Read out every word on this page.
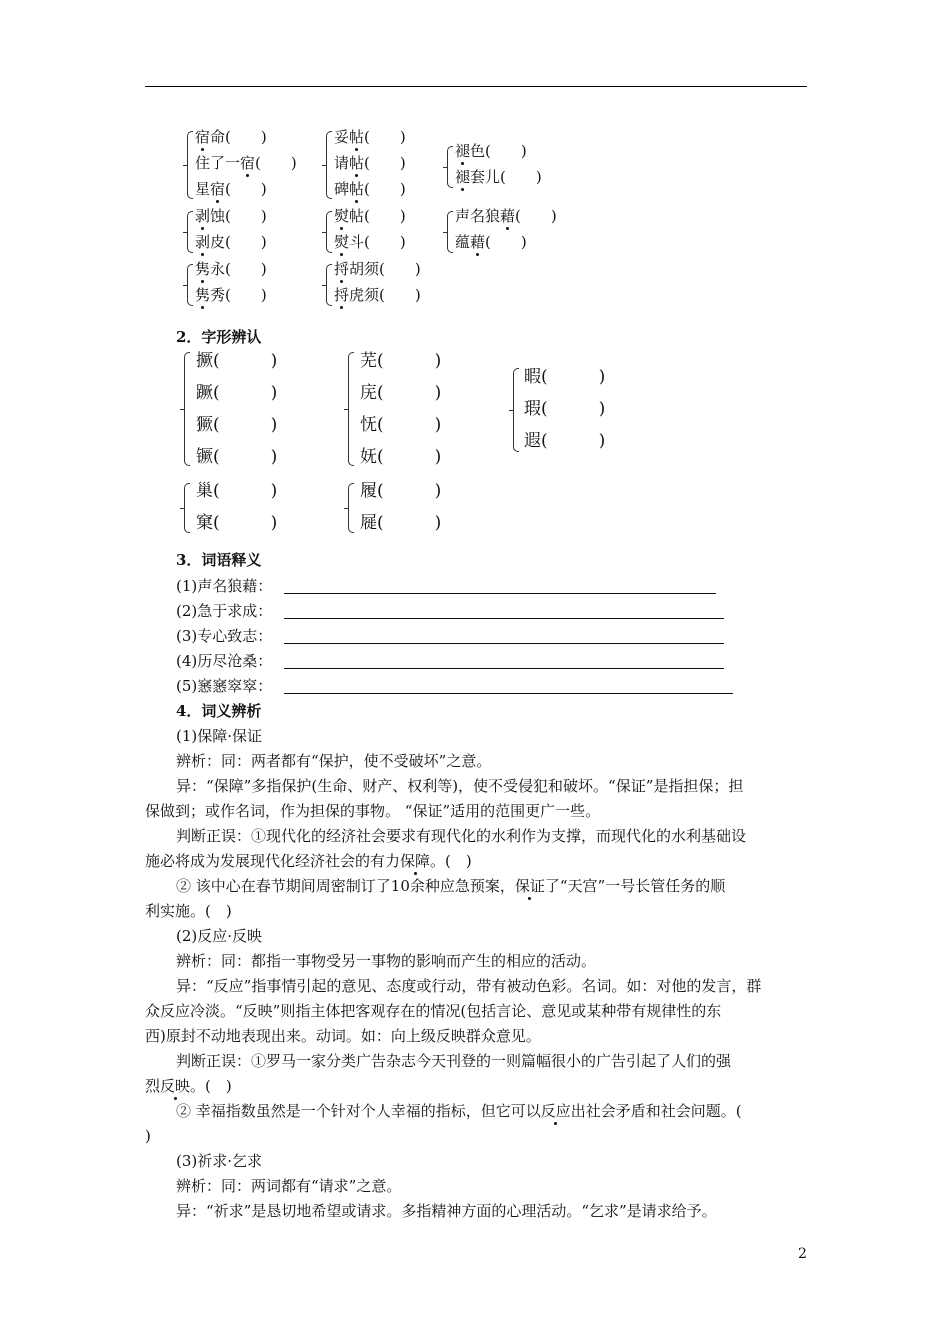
宿命(　　)
住了一宿(　　)
星宿(　　)
妥帖(　　)
请帖(　　)
碑帖(　　)
褪色(　　)
褪套儿(　　)
剥蚀(　　)
剥皮(　　)
熨帖(　　)
熨斗(　　)
声名狼藉(　　)
蕴藉(　　)
隽永(　　)
隽秀(　　)
捋胡须(　　)
捋虎须(　　)
2．字形辨认
撅(　　　)
蹶(　　　)
獗(　　　)
镢(　　　)
芜(　　　)
庑(　　　)
怃(　　　)
妩(　　　)
暇(　　　)
瑕(　　　)
遐(　　　)
巢(　　　)
窠(　　　)
履(　　　)
屣(　　　)
3．词语释义
(1)声名狼藉：
(2)急于求成：
(3)专心致志：
(4)历尽沧桑：
(5)窸窸窣窣：
4．词义辨析
(1)保障·保证
辨析：同：两者都有“保护，使不受破坏”之意。
异：“保障”多指保护(生命、财产、权利等)，使不受侵犯和破坏。“保证”是指担保；担
保做到；或作名词，作为担保的事物。 “保证”适用的范围更广一些。
判断正误：①现代化的经济社会要求有现代化的水利作为支撑，而现代化的水利基础设
施必将成为发展现代化经济社会的有力保障。(　)
② 该中心在春节期间周密制订了10余种应急预案，保证了“天宫”一号长管任务的顺
利实施。(　)
(2)反应·反映
辨析：同：都指一事物受另一事物的影响而产生的相应的活动。
异：“反应”指事情引起的意见、态度或行动，带有被动色彩。名词。如：对他的发言，群
众反应冷淡。“反映”则指主体把客观存在的情况(包括言论、意见或某种带有规律性的东
西)原封不动地表现出来。动词。如：向上级反映群众意见。
判断正误：①罗马一家分类广告杂志今天刊登的一则篇幅很小的广告引起了人们的强
烈反映。(　)
② 幸福指数虽然是一个针对个人幸福的指标，但它可以反应出社会矛盾和社会问题。(
)
(3)祈求·乞求
辨析：同：两词都有“请求”之意。
异：“祈求”是恳切地希望或请求。多指精神方面的心理活动。“乞求”是请求给予。
2
